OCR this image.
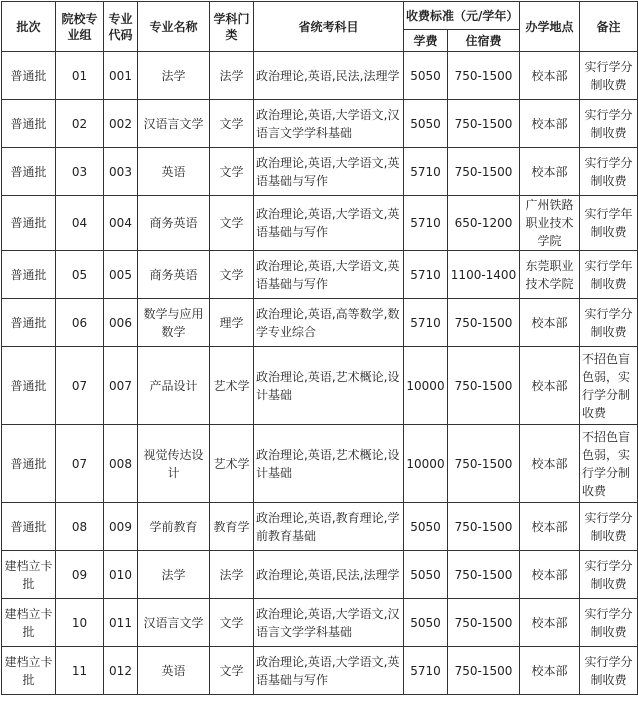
批次	院校专业组	专业代码	专业名称	学科门类	省统考科目	收费标准（元/学年）		办学地点	备注
						学费	住宿费		
普通批	01	001	法学	法学	政治理论,英语,民法,法理学	5050	750-1500	校本部	实行学分制收费
普通批	02	002	汉语言文学	文学	政治理论,英语,大学语文,汉语言文学学科基础	5050	750-1500	校本部	实行学分制收费
普通批	03	003	英语	文学	政治理论,英语,大学语文,英语基础与写作	5710	750-1500	校本部	实行学分制收费
普通批	04	004	商务英语	文学	政治理论,英语,大学语文,英语基础与写作	5710	650-1200	广州铁路职业技术学院	实行学年制收费
普通批	05	005	商务英语	文学	政治理论,英语,大学语文,英语基础与写作	5710	1100-1400	东莞职业技术学院	实行学年制收费
普通批	06	006	数学与应用数学	理学	政治理论,英语,高等数学,数学专业综合	5710	750-1500	校本部	实行学分制收费
普通批	07	007	产品设计	艺术学	政治理论,英语,艺术概论,设计基础	10000	750-1500	校本部	不招色盲色弱，实行学分制收费
普通批	07	008	视觉传达设计	艺术学	政治理论,英语,艺术概论,设计基础	10000	750-1500	校本部	不招色盲色弱，实行学分制收费
普通批	08	009	学前教育	教育学	政治理论,英语,教育理论,学前教育基础	5050	750-1500	校本部	实行学分制收费
建档立卡批	09	010	法学	法学	政治理论,英语,民法,法理学	5050	750-1500	校本部	实行学分制收费
建档立卡批	10	011	汉语言文学	文学	政治理论,英语,大学语文,汉语言文学学科基础	5050	750-1500	校本部	实行学分制收费
建档立卡批	11	012	英语	文学	政治理论,英语,大学语文,英语基础与写作	5710	750-1500	校本部	实行学分制收费
